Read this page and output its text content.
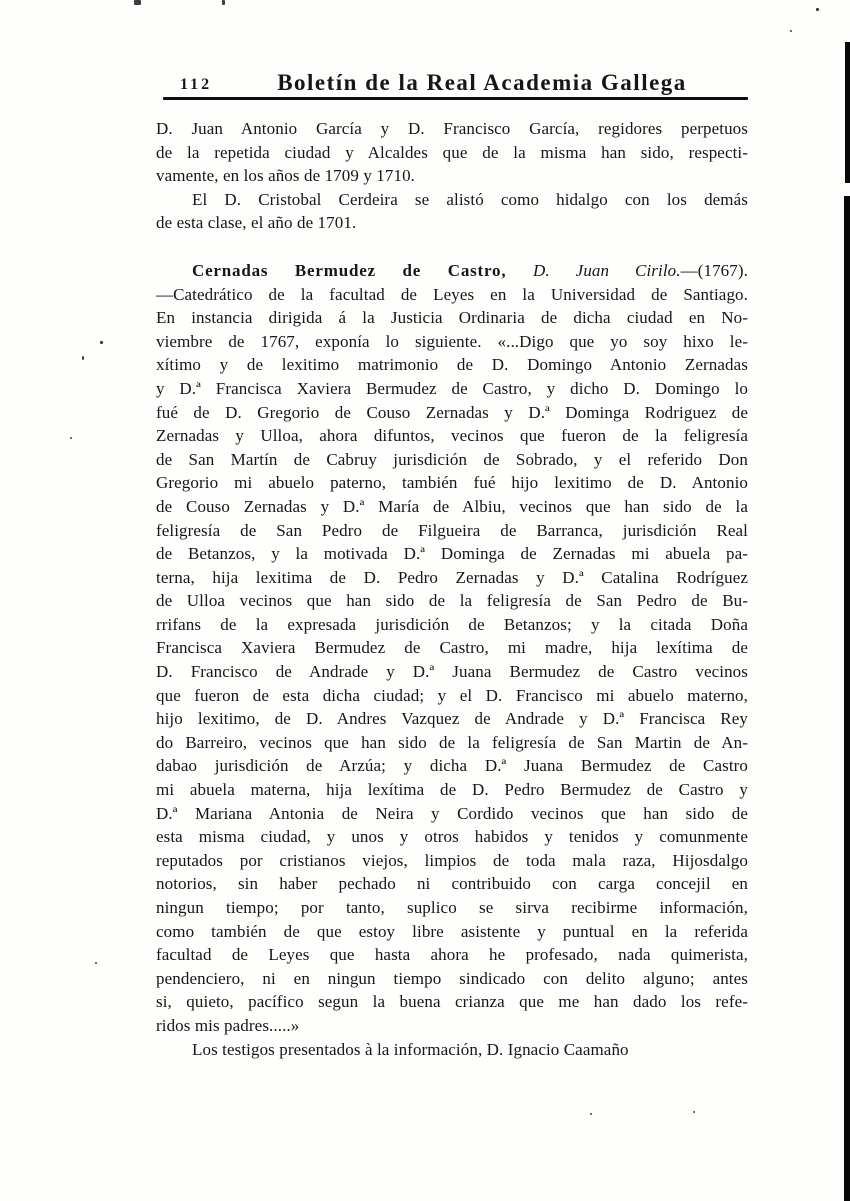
112	Boletín de la Real Academia Gallega
D. Juan Antonio García y D. Francisco García, regidores perpetuos
de la repetida ciudad y Alcaldes que de la misma han sido, respecti-
vamente, en los años de 1709 y 1710.
El D. Cristobal Cerdeira se alistó como hidalgo con los demás
de esta clase, el año de 1701.
Cernadas Bermudez de Castro, D. Juan Cirilo.—(1767).
—Catedrático de la facultad de Leyes en la Universidad de Santiago.
En instancia dirigida á la Justicia Ordinaria de dicha ciudad en No-
viembre de 1767, exponía lo siguiente. «...Digo que yo soy hixo le-
xítimo y de lexitimo matrimonio de D. Domingo Antonio Zernadas
y D.ª Francisca Xaviera Bermudez de Castro, y dicho D. Domingo lo
fué de D. Gregorio de Couso Zernadas y D.ª Dominga Rodriguez de
Zernadas y Ulloa, ahora difuntos, vecinos que fueron de la feligresía
de San Martín de Cabruy jurisdición de Sobrado, y el referido Don
Gregorio mi abuelo paterno, también fué hijo lexitimo de D. Antonio
de Couso Zernadas y D.ª María de Albiu, vecinos que han sido de la
feligresía de San Pedro de Filgueira de Barranca, jurisdición Real
de Betanzos, y la motivada D.ª Dominga de Zernadas mi abuela pa-
terna, hija lexitima de D. Pedro Zernadas y D.ª Catalina Rodríguez
de Ulloa vecinos que han sido de la feligresía de San Pedro de Bu-
rrifans de la expresada jurisdición de Betanzos; y la citada Doña
Francisca Xaviera Bermudez de Castro, mi madre, hija lexítima de
D. Francisco de Andrade y D.ª Juana Bermudez de Castro vecinos
que fueron de esta dicha ciudad; y el D. Francisco mi abuelo materno,
hijo lexitimo, de D. Andres Vazquez de Andrade y D.ª Francisca Rey
do Barreiro, vecinos que han sido de la feligresía de San Martin de An-
dabao jurisdición de Arzúa; y dicha D.ª Juana Bermudez de Castro
mi abuela materna, hija lexítima de D. Pedro Bermudez de Castro y
D.ª Mariana Antonia de Neira y Cordido vecinos que han sido de
esta misma ciudad, y unos y otros habidos y tenidos y comunmente
reputados por cristianos viejos, limpios de toda mala raza, Hijosdalgo
notorios, sin haber pechado ni contribuido con carga concejil en
ningun tiempo; por tanto, suplico se sirva recibirme información,
como también de que estoy libre asistente y puntual en la referida
facultad de Leyes que hasta ahora he profesado, nada quimerista,
pendenciero, ni en ningun tiempo sindicado con delito alguno; antes
si, quieto, pacífico segun la buena crianza que me han dado los refe-
ridos mis padres.....»
Los testigos presentados à la información, D. Ignacio Caamaño
